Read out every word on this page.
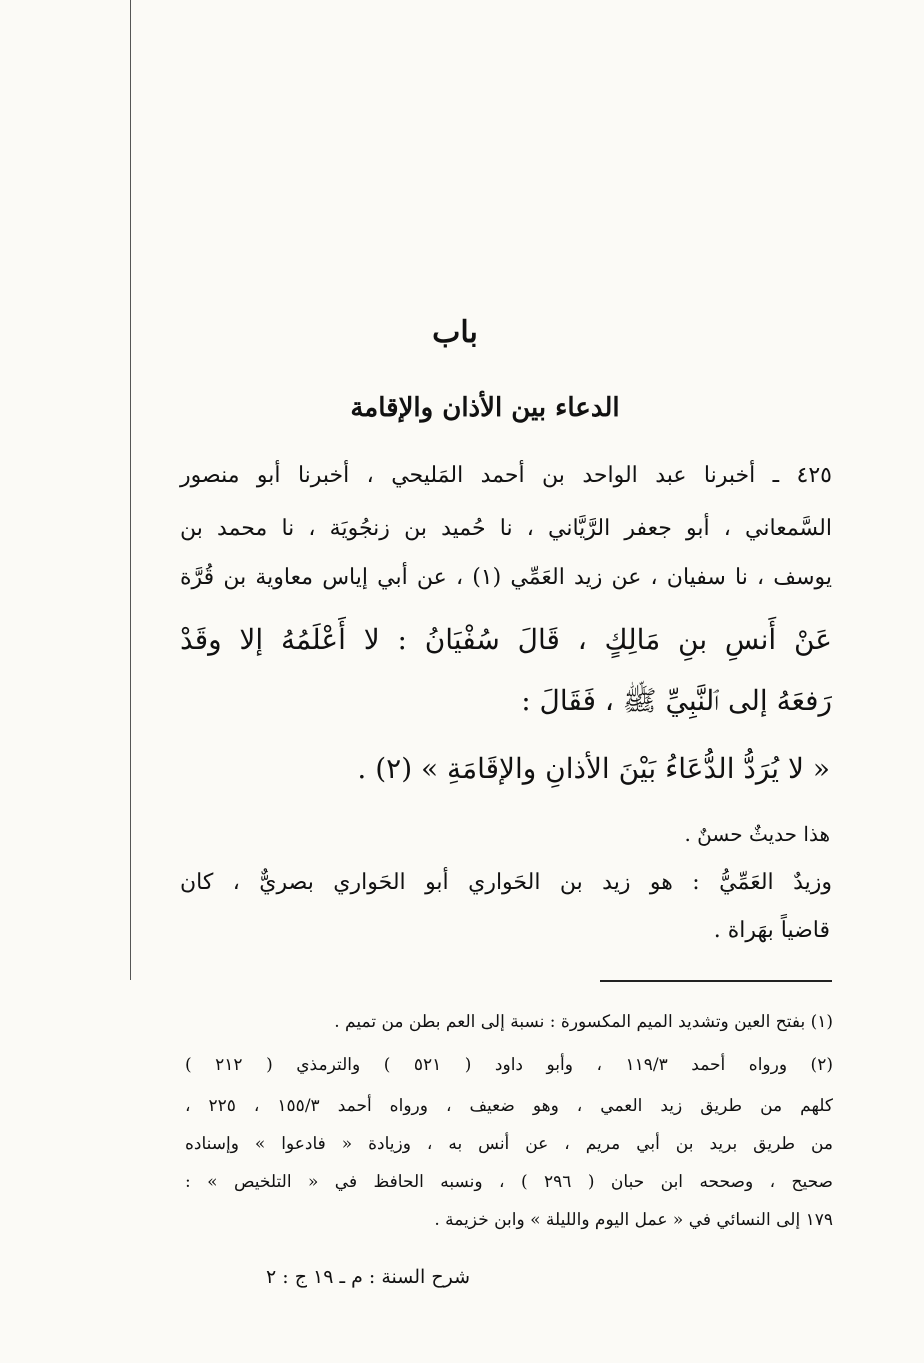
باب
الدعاء بين الأذان والإقامة
٤٢٥ ـ أخبرنا عبد الواحد بن أحمد المَليحي ، أخبرنا أبو منصور
السَّمعاني ، أبو جعفر الرَّيَّاني ، نا حُميد بن زنجُويَة ، نا محمد بن
يوسف ، نا سفيان ، عن زيد العَمِّي (١) ، عن أبي إياس معاوية بن قُرَّة
عَنْ أَنسِ بنِ مَالِكٍ ، قَالَ سُفْيَانُ : لا أَعْلَمُهُ إلا وقَدْ
رَفعَهُ إلى ٱلنَّبِيِّ ﷺ ، فَقَالَ :
« لا يُرَدُّ الدُّعَاءُ بَيْنَ الأذانِ والإقَامَةِ » (٢) .
هذا حديثٌ حسنٌ .
وزيدٌ العَمِّيُّ : هو زيد بن الحَواري أبو الحَواري بصريٌّ ، كان
قاضياً بهَراة .
(١) بفتح العين وتشديد الميم المكسورة : نسبة إلى العم بطن من تميم .
(٢) ورواه أحمد ١١٩/٣ ، وأبو داود ( ٥٢١ ) والترمذي ( ٢١٢ )
كلهم من طريق زيد العمي ، وهو ضعيف ، ورواه أحمد ١٥٥/٣ ، ٢٢٥ ،
من طريق بريد بن أبي مريم ، عن أنس به ، وزيادة « فادعوا » وإسناده
صحيح ، وصححه ابن حبان ( ٢٩٦ ) ، ونسبه الحافظ في « التلخيص » :
١٧٩ إلى النسائي في « عمل اليوم والليلة » وابن خزيمة .
شرح السنة : م ـ ١٩ ج : ٢
